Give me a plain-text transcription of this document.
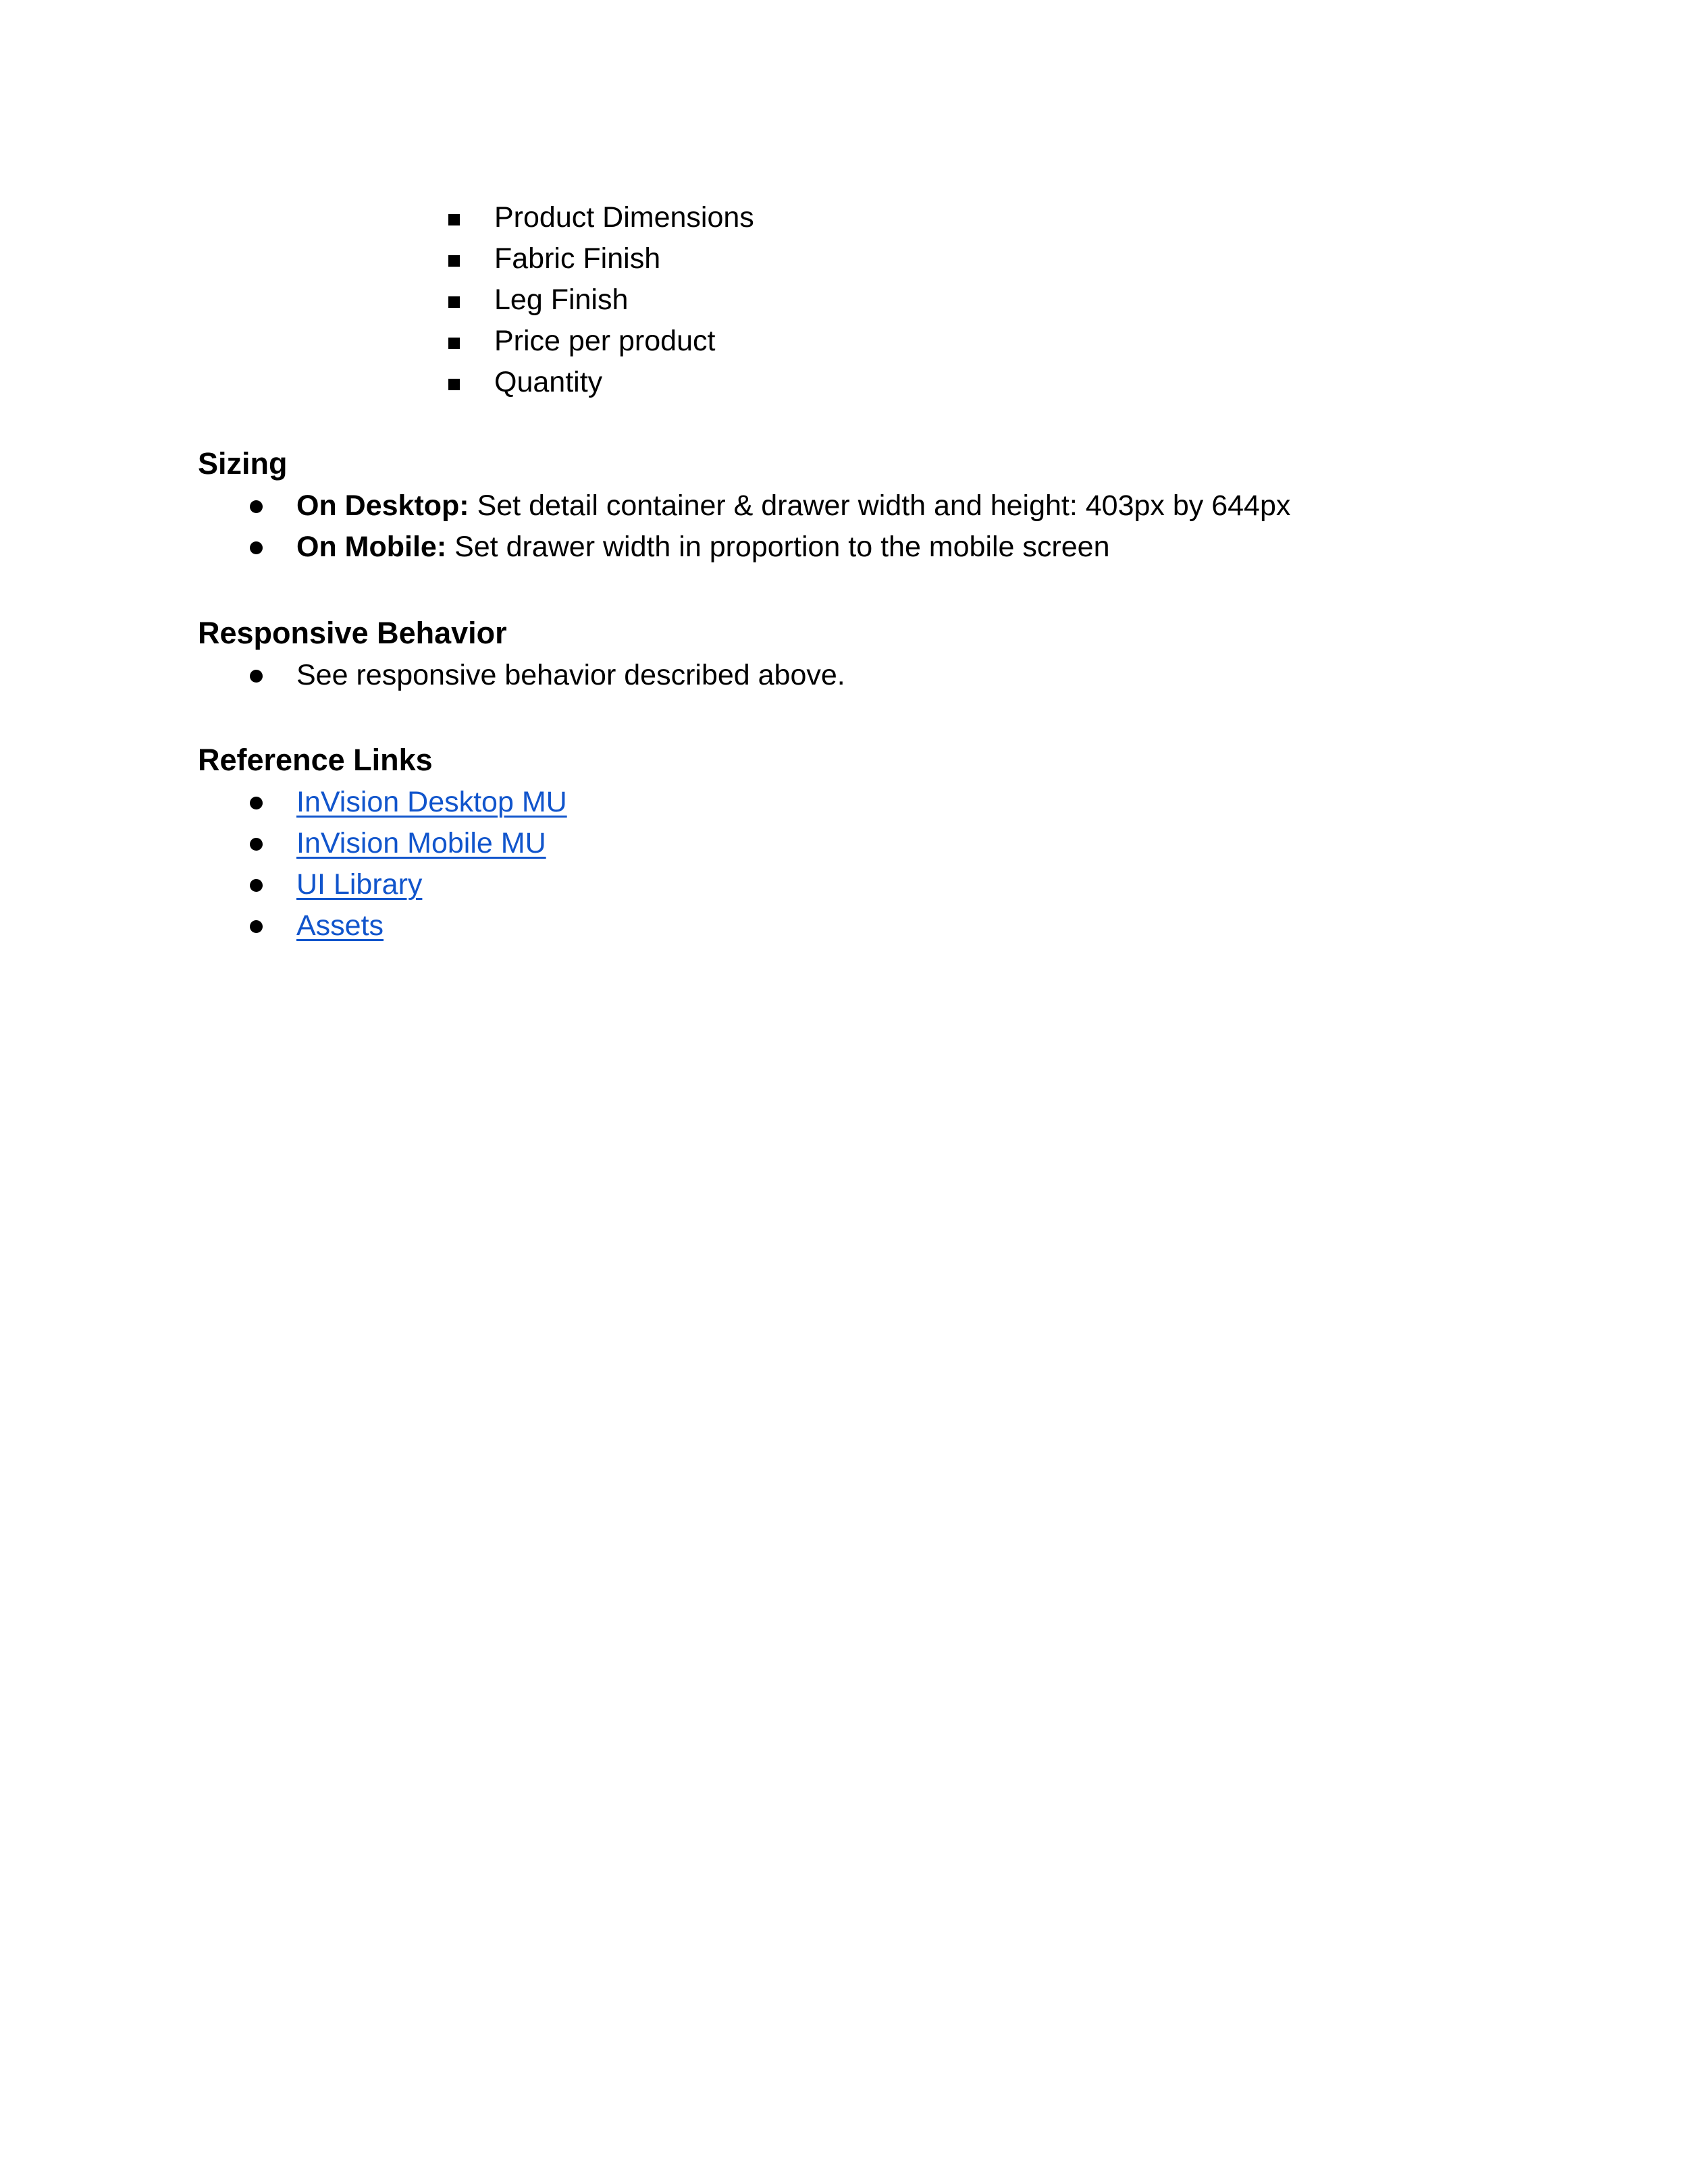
Product Dimensions
Fabric Finish
Leg Finish
Price per product
Quantity
Sizing
On Desktop: Set detail container & drawer width and height: 403px by 644px
On Mobile: Set drawer width in proportion to the mobile screen
Responsive Behavior
See responsive behavior described above.
Reference Links
InVision Desktop MU
InVision Mobile MU
UI Library
Assets
